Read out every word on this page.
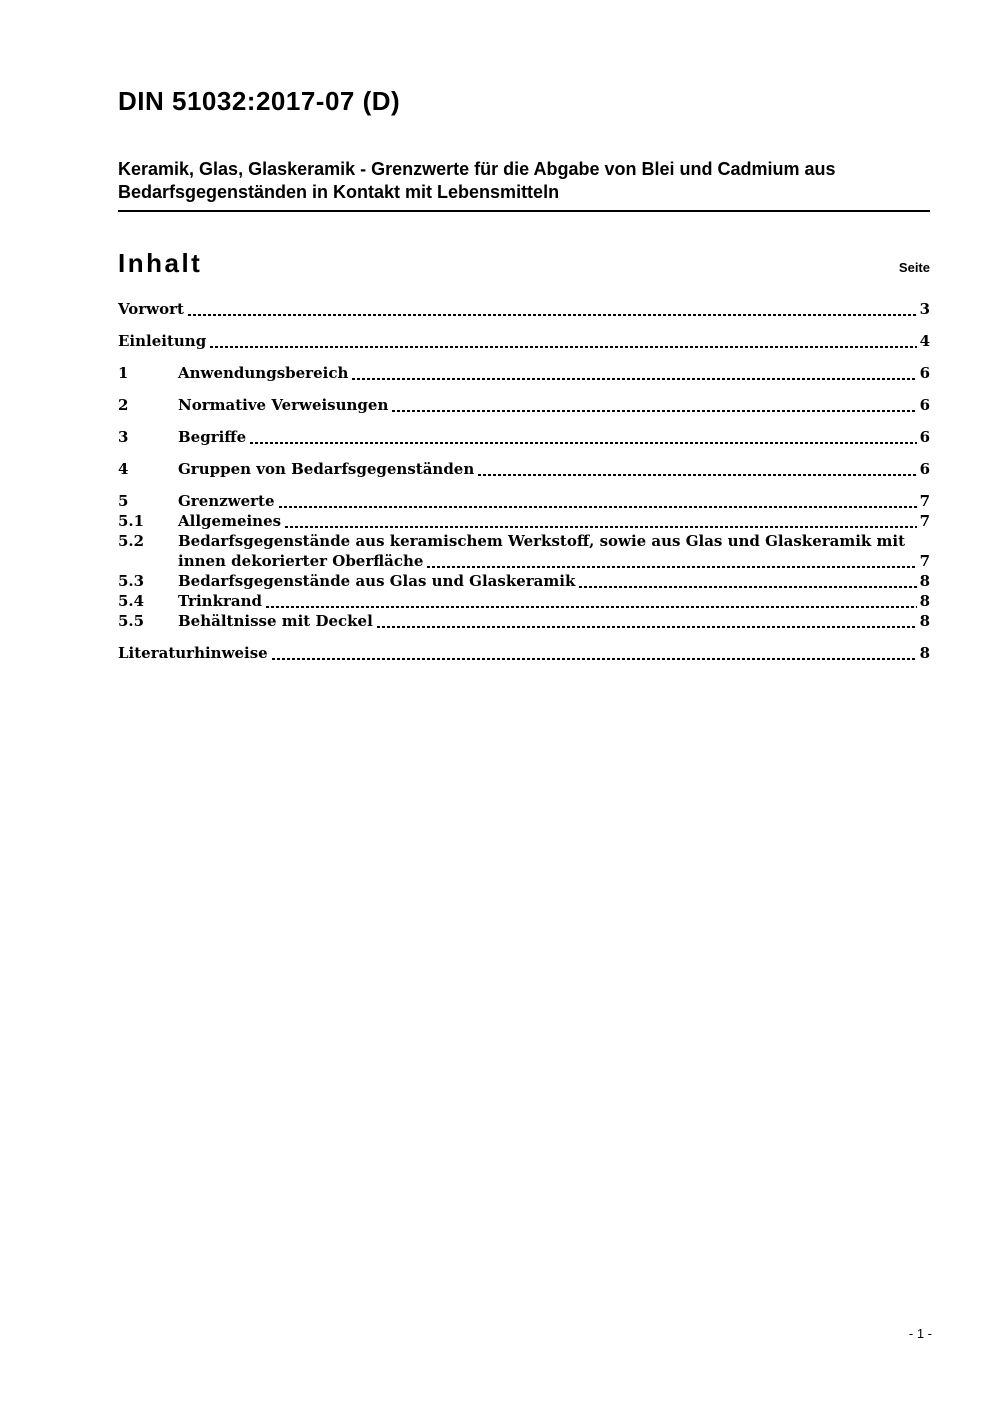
DIN 51032:2017-07 (D)
Keramik, Glas, Glaskeramik - Grenzwerte für die Abgabe von Blei und Cadmium aus Bedarfsgegenständen in Kontakt mit Lebensmitteln
Inhalt	Seite
Vorwort	3
Einleitung	4
1	Anwendungsbereich	6
2	Normative Verweisungen	6
3	Begriffe	6
4	Gruppen von Bedarfsgegenständen	6
5	Grenzwerte	7
5.1	Allgemeines	7
5.2	Bedarfsgegenstände aus keramischem Werkstoff, sowie aus Glas und Glaskeramik mit
innen dekorierter Oberfläche	7
5.3	Bedarfsgegenstände aus Glas und Glaskeramik	8
5.4	Trinkrand	8
5.5	Behältnisse mit Deckel	8
Literaturhinweise	8
- 1 -
